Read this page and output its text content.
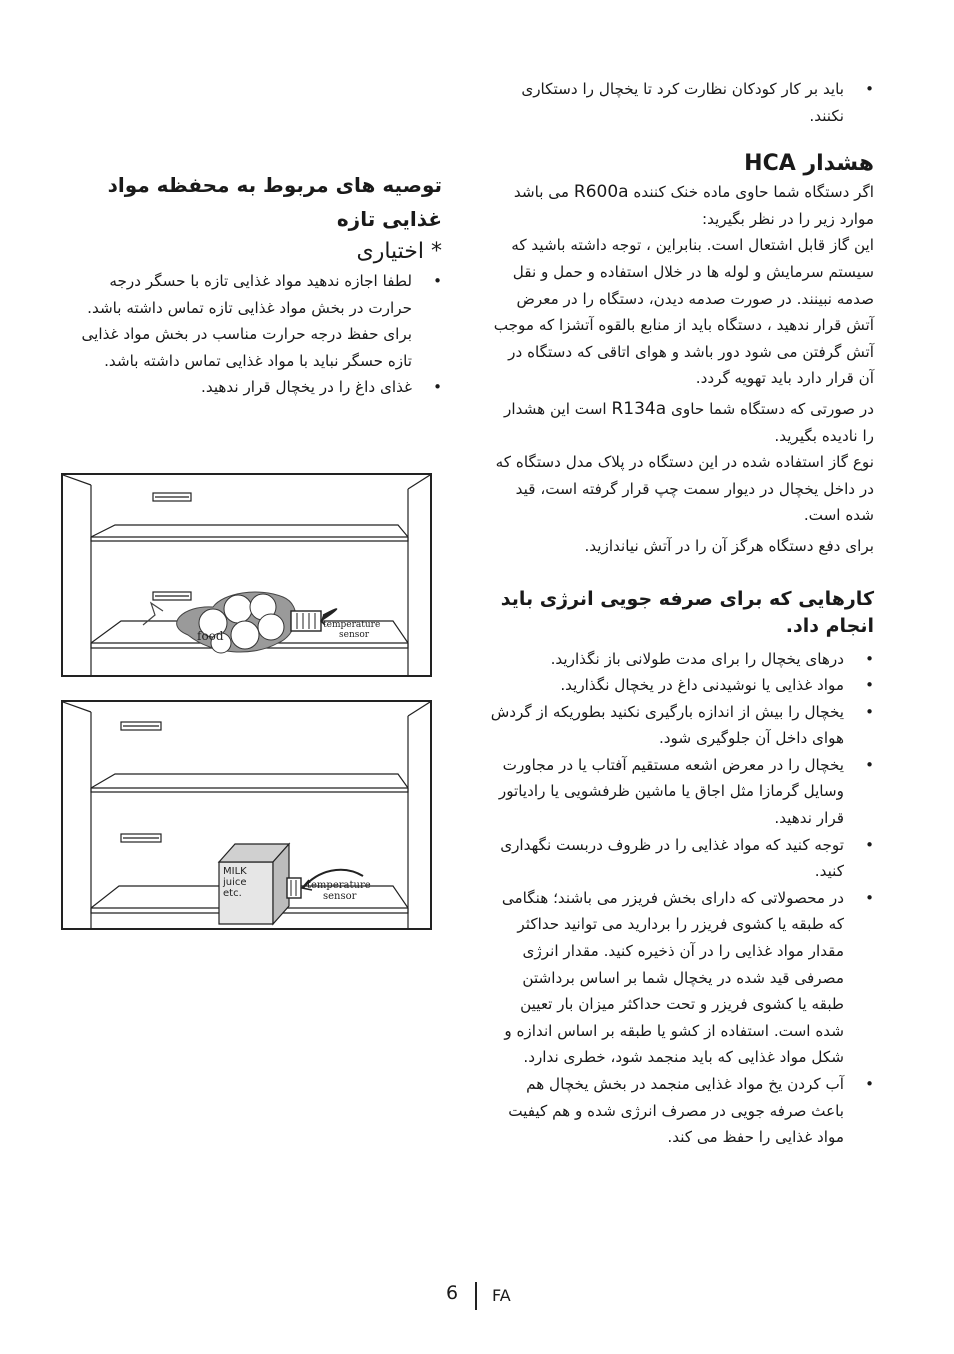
• باید بر کار کودکان نظارت کرد تا یخچال را دستکاری نکنند.

هشدار HCA

اگر دستگاه شما حاوی ماده خنک کننده R600a می باشد موارد زیر را در نظر بگیرید:

این گاز قابل اشتعال است. بنابراین ، توجه داشته باشید که سیستم سرمایش و لوله ها در خلال استفاده و حمل و نقل صدمه نبینند. در صورت صدمه دیدن، دستگاه را در معرض آتش قرار ندهید ، دستگاه باید از منابع بالقوه آتشزا که موجب آتش گرفتن می شود دور باشد و هوای اتاقی که دستگاه در آن قرار دارد باید تهویه گردد.

در صورتی که دستگاه شما حاوی R134a است این هشدار را نادیده بگیرید.

نوع گاز استفاده شده در این دستگاه در پلاک مدل دستگاه که در داخل یخچال در دیوار سمت چپ قرار گرفته است، قید شده است.

برای دفع دستگاه هرگز آن را در آتش نیاندازید.

کارهایی که برای صرفه جویی انرژی باید انجام داد.

• درهای یخچال را برای مدت طولانی باز نگذارید.
• مواد غذایی یا نوشیدنی داغ در یخچال نگذارید.
• یخچال را بیش از اندازه بارگیری نکنید بطوریکه از گردش هوای داخل آن جلوگیری شود.
• یخچال را در معرض اشعه مستقیم آفتاب یا در مجاورت وسایل گرمازا مثل اجاق یا ماشین ظرفشویی یا رادیاتور قرار ندهید.
• توجه کنید که مواد غذایی را در ظروف دربست نگهداری کنید.
• در محصولاتی که دارای بخش فریزر می باشند؛ هنگامی که طبقه یا کشوی فریزر را بردارید می توانید حداکثر مقدار مواد غذایی را در آن ذخیره کنید. مقدار انرژی مصرفی قید شده در یخچال شما بر اساس برداشتن طبقه یا کشوی فریزر و تحت حداکثر میزان بار تعیین شده است. استفاده از کشو یا طبقه بر اساس اندازه و شکل مواد غذایی که باید منجمد شود، خطری ندارد.
• آب کردن یخ مواد غذایی منجمد در بخش یخچال هم باعث صرفه جویی در مصرف انرژی شده و هم کیفیت مواد غذایی را حفظ می کند.

توصیه های مربوط به محفظه مواد غذایی تازه

* اختیاری

• لطفا اجازه ندهید مواد غذایی تازه با حسگر درجه حرارت در بخش مواد غذایی تازه تماس داشته باشد. برای حفظ درجه حرارت مناسب در بخش مواد غذایی تازه حسگر نباید با مواد غذایی تماس داشته باشد.
• غذای داغ را در یخچال قرار ندهید.
food
temperature
sensor
MILK
juice
etc.
temperature
sensor
6 FA
